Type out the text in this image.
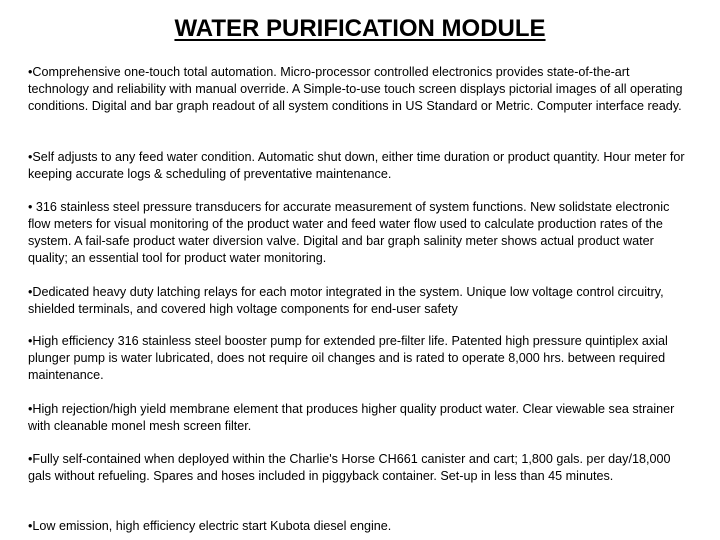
WATER PURIFICATION MODULE

•Comprehensive one-touch total automation. Micro-processor controlled electronics provides state-of-the-art technology and reliability with manual override. A Simple-to-use touch screen displays pictorial images of all operating conditions. Digital and bar graph readout of all system conditions in US Standard or Metric. Computer interface ready.

•Self adjusts to any feed water condition. Automatic shut down, either time duration or product quantity. Hour meter for keeping accurate logs & scheduling of preventative maintenance.

• 316 stainless steel pressure transducers for accurate measurement of system functions. New solidstate electronic flow meters for visual monitoring of the product water and feed water flow used to calculate production rates of the system. A fail-safe product water diversion valve. Digital and bar graph salinity meter shows actual product water quality; an essential tool for product water monitoring.

•Dedicated heavy duty latching relays for each motor integrated in the system. Unique low voltage control circuitry, shielded terminals, and covered high voltage components for end-user safety

•High efficiency 316 stainless steel booster pump for extended pre-filter life. Patented high pressure quintiplex axial plunger pump is water lubricated, does not require oil changes and is rated to operate 8,000 hrs. between required maintenance.

•High rejection/high yield membrane element that produces higher quality product water. Clear viewable sea strainer with cleanable monel mesh screen filter.

•Fully self-contained when deployed within the Charlie's Horse CH661 canister and cart; 1,800 gals. per day/18,000 gals without refueling. Spares and hoses included in piggyback container. Set-up in less than 45 minutes.

•Low emission, high efficiency electric start Kubota diesel engine.
